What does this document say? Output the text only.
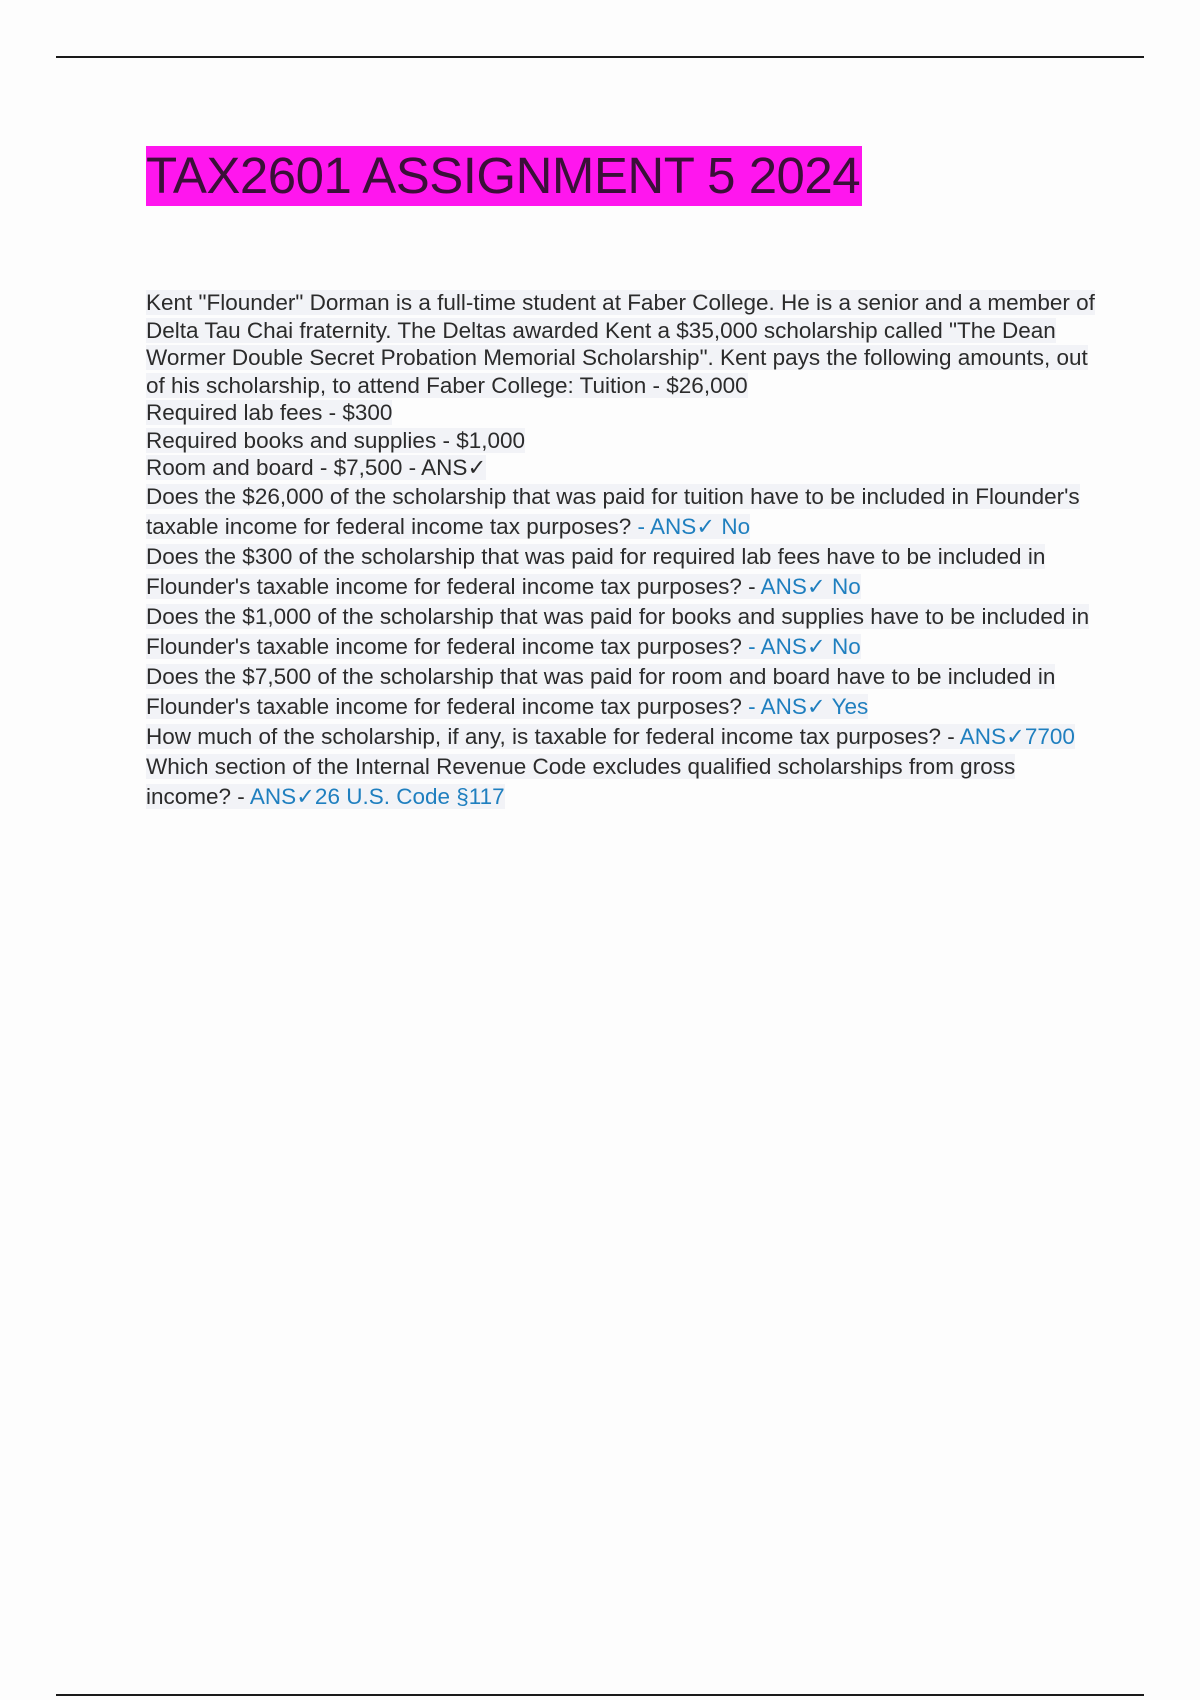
TAX2601 ASSIGNMENT 5 2024
Kent "Flounder" Dorman is a full-time student at Faber College. He is a senior and a member of Delta Tau Chai fraternity. The Deltas awarded Kent a $35,000 scholarship called "The Dean Wormer Double Secret Probation Memorial Scholarship". Kent pays the following amounts, out of his scholarship, to attend Faber College: Tuition - $26,000
Required lab fees - $300
Required books and supplies - $1,000
Room and board - $7,500 - ANS✓
Does the $26,000 of the scholarship that was paid for tuition have to be included in Flounder's taxable income for federal income tax purposes? - ANS✓ No
Does the $300 of the scholarship that was paid for required lab fees have to be included in Flounder's taxable income for federal income tax purposes? - ANS✓ No
Does the $1,000 of the scholarship that was paid for books and supplies have to be included in Flounder's taxable income for federal income tax purposes? - ANS✓ No
Does the $7,500 of the scholarship that was paid for room and board have to be included in Flounder's taxable income for federal income tax purposes? - ANS✓ Yes
How much of the scholarship, if any, is taxable for federal income tax purposes? - ANS✓7700
Which section of the Internal Revenue Code excludes qualified scholarships from gross income? - ANS✓26 U.S. Code §117
